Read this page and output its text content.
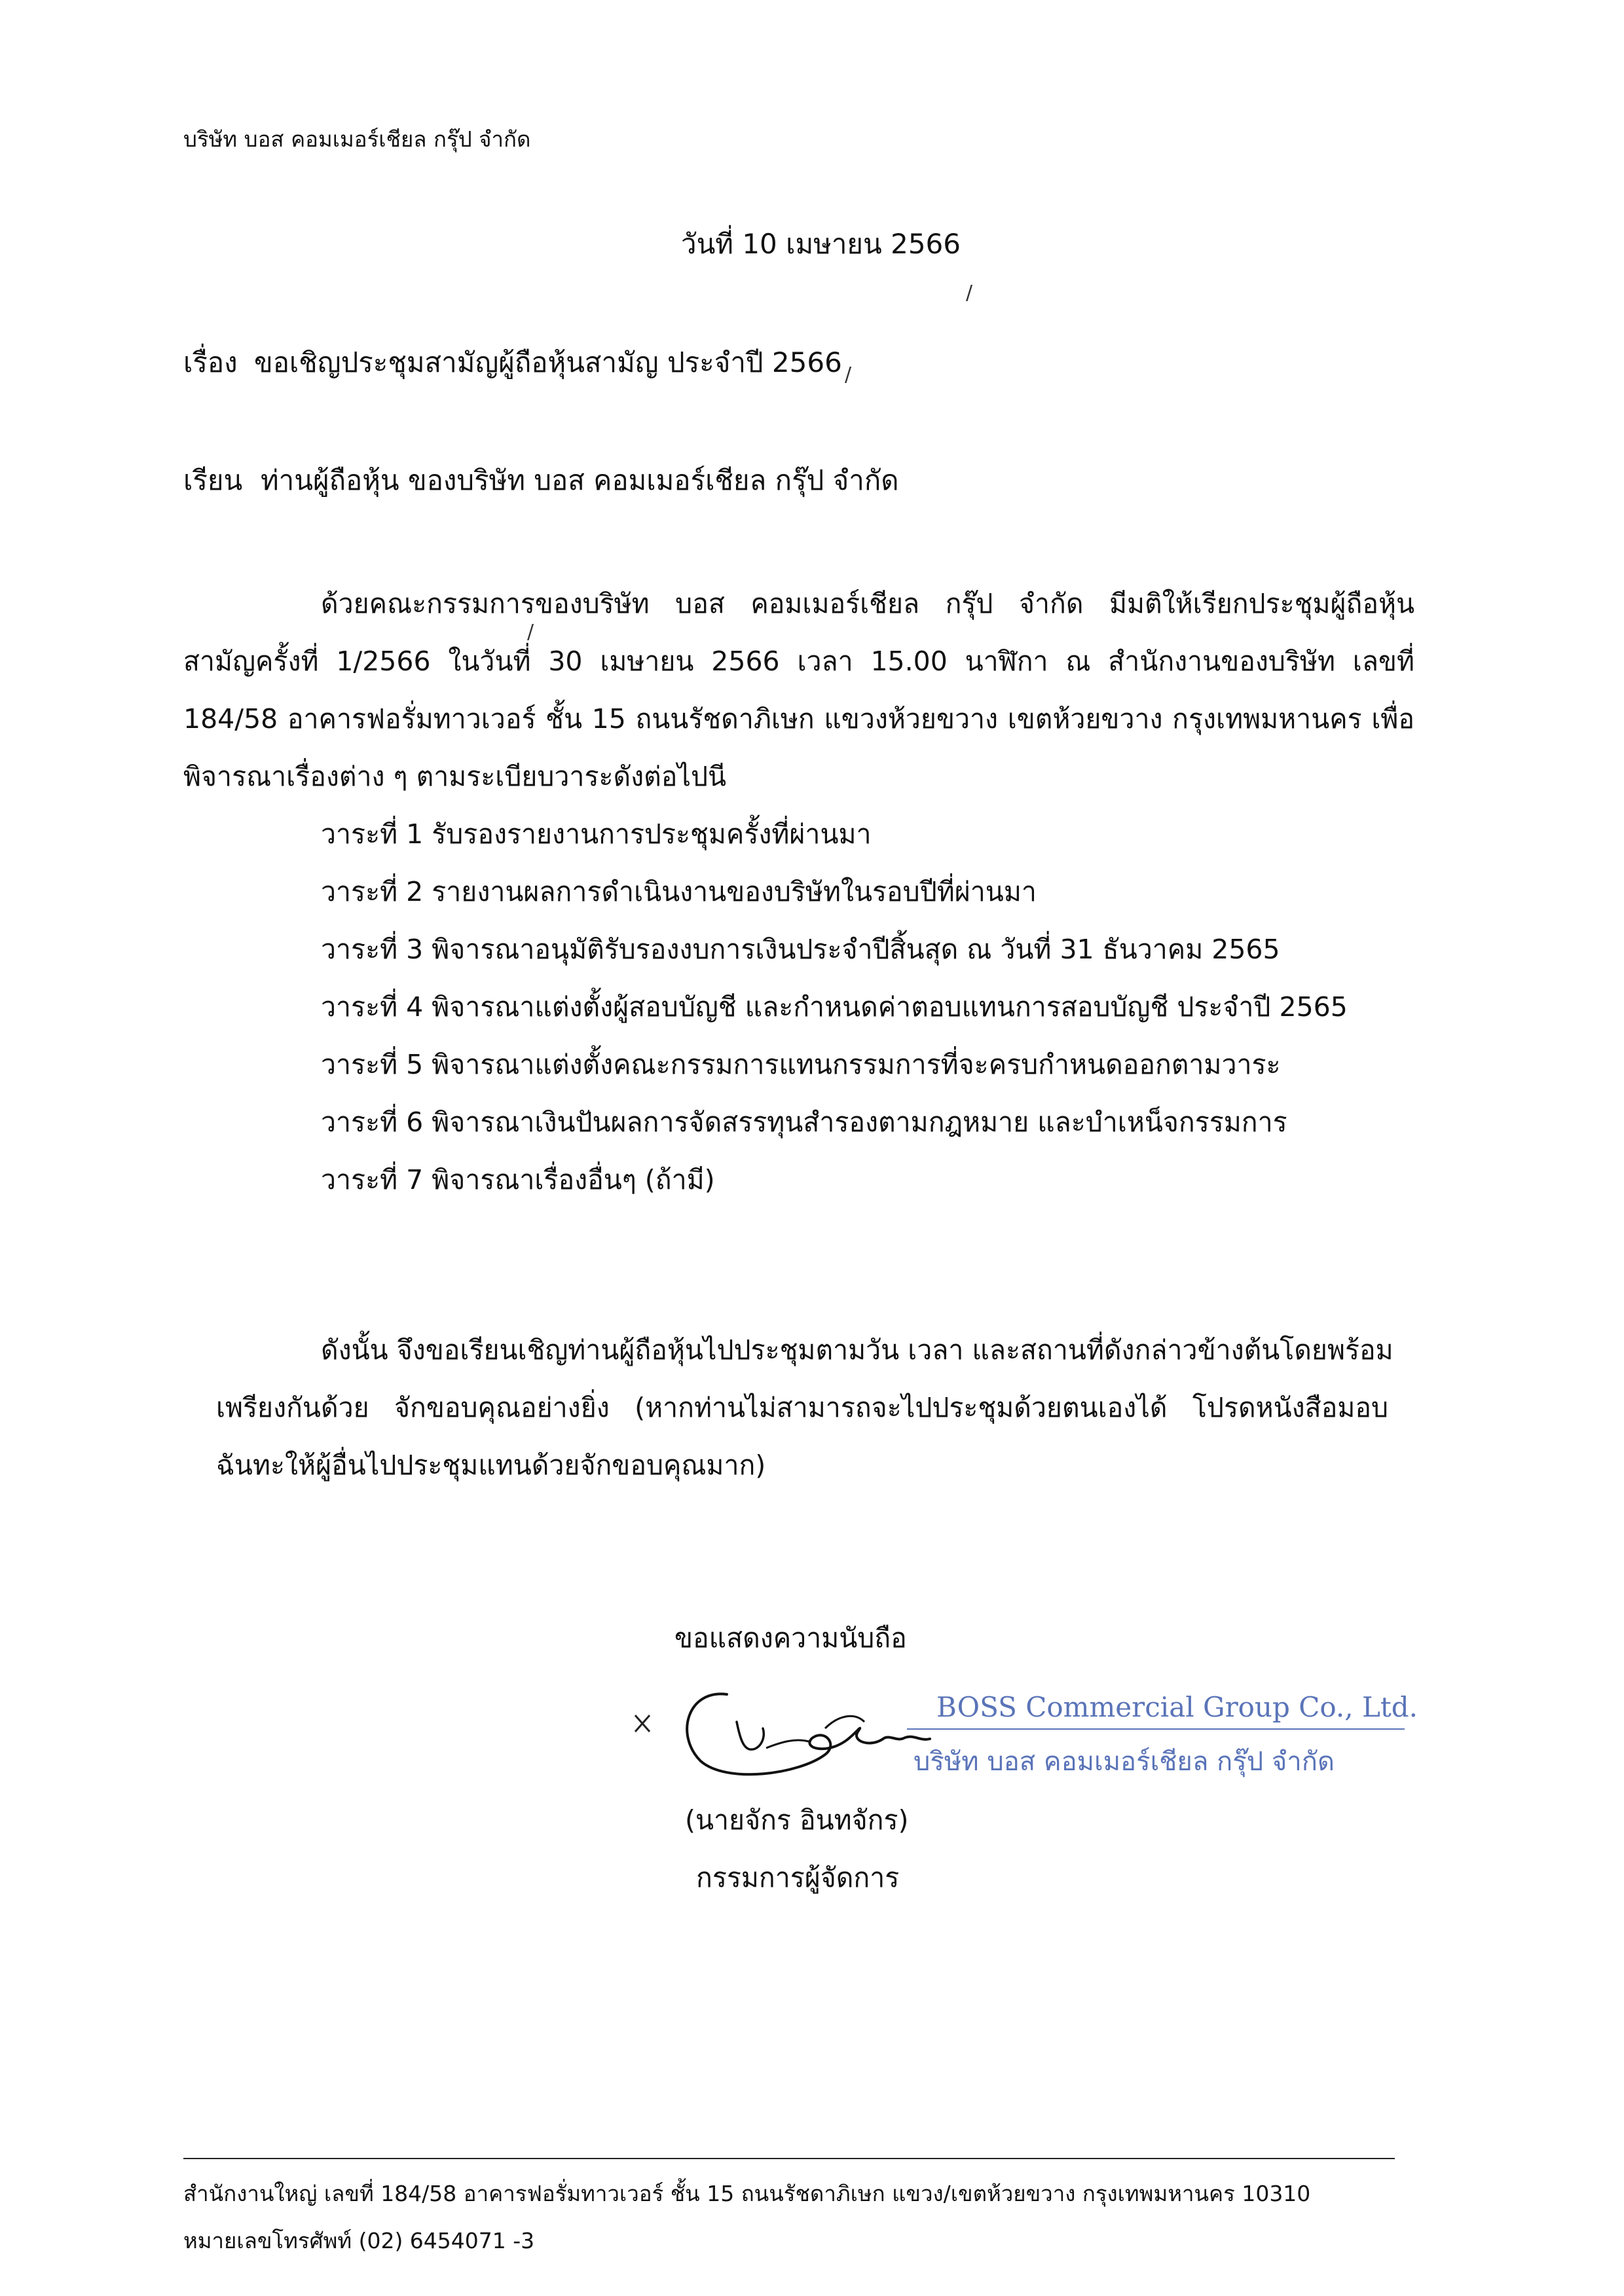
บริษัท บอส คอมเมอร์เชียล กรุ๊ป จำกัด
วันที่ 10 เมษายน 2566
/
เรื่อง ขอเชิญประชุมสามัญผู้ถือหุ้นสามัญ ประจำปี 2566 /
เรียน ท่านผู้ถือหุ้น ของบริษัท บอส คอมเมอร์เชียล กรุ๊ป จำกัด
ด้วยคณะกรรมการของบริษัท บอส คอมเมอร์เชียล กรุ๊ป จำกัด มีมติให้เรียกประชุมผู้ถือหุ้น
สามัญครั้งที่ 1/2566 ในวันที่ 30 เมษายน 2566 เวลา 15.00 นาฬิกา ณ สำนักงานของบริษัท เลขที่
/
184/58 อาคารฟอรั่มทาวเวอร์ ชั้น 15 ถนนรัชดาภิเษก แขวงห้วยขวาง เขตห้วยขวาง กรุงเทพมหานคร เพื่อ
พิจารณาเรื่องต่าง ๆ ตามระเบียบวาระดังต่อไปนี
วาระที่ 1 รับรองรายงานการประชุมครั้งที่ผ่านมา
วาระที่ 2 รายงานผลการดำเนินงานของบริษัทในรอบปีที่ผ่านมา
วาระที่ 3 พิจารณาอนุมัติรับรองงบการเงินประจำปีสิ้นสุด ณ วันที่ 31 ธันวาคม 2565
วาระที่ 4 พิจารณาแต่งตั้งผู้สอบบัญชี และกำหนดค่าตอบแทนการสอบบัญชี ประจำปี 2565
วาระที่ 5 พิจารณาแต่งตั้งคณะกรรมการแทนกรรมการที่จะครบกำหนดออกตามวาระ
วาระที่ 6 พิจารณาเงินปันผลการจัดสรรทุนสำรองตามกฎหมาย และบำเหน็จกรรมการ
วาระที่ 7 พิจารณาเรื่องอื่นๆ (ถ้ามี)
ดังนั้น จึงขอเรียนเชิญท่านผู้ถือหุ้นไปประชุมตามวัน เวลา และสถานที่ดังกล่าวข้างต้นโดยพร้อม
เพรียงกันด้วย จักขอบคุณอย่างยิ่ง (หากท่านไม่สามารถจะไปประชุมด้วยตนเองได้ โปรดหนังสือมอบ
ฉันทะให้ผู้อื่นไปประชุมแทนด้วยจักขอบคุณมาก)
ขอแสดงความนับถือ
BOSS Commercial Group Co., Ltd.
บริษัท บอส คอมเมอร์เชียล กรุ๊ป จำกัด
(นายจักร อินทจักร)
กรรมการผู้จัดการ
สำนักงานใหญ่ เลขที่ 184/58 อาคารฟอรั่มทาวเวอร์ ชั้น 15 ถนนรัชดาภิเษก แขวง/เขตห้วยขวาง กรุงเทพมหานคร 10310
หมายเลขโทรศัพท์ (02) 6454071 -3
